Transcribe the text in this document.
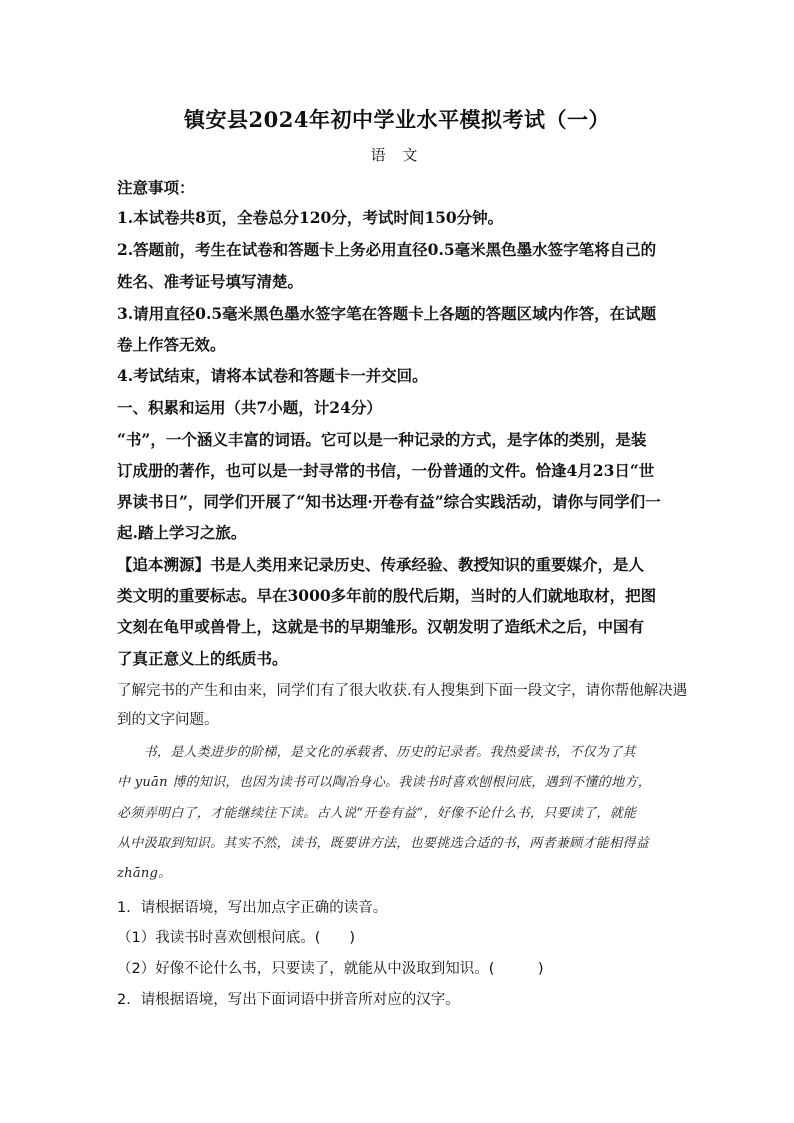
镇安县2024年初中学业水平模拟考试（一）
语 文
注意事项：
1.本试卷共8页，全卷总分120分，考试时间150分钟。
2.答题前，考生在试卷和答题卡上务必用直径0.5毫米黑色墨水签字笔将自己的
姓名、准考证号填写清楚。
3.请用直径0.5毫米黑色墨水签字笔在答题卡上各题的答题区域内作答，在试题
卷上作答无效。
4.考试结束，请将本试卷和答题卡一并交回。
一、积累和运用（共7小题，计24分）
“书”，一个涵义丰富的词语。它可以是一种记录的方式，是字体的类别，是装
订成册的著作，也可以是一封寻常的书信，一份普通的文件。恰逢4月23日“世
界读书日”，同学们开展了“知书达理·开卷有益”综合实践活动，请你与同学们一
起.踏上学习之旅。
【追本溯源】书是人类用来记录历史、传承经验、教授知识的重要媒介，是人
类文明的重要标志。早在3000多年前的殷代后期，当时的人们就地取材，把图
文刻在龟甲或兽骨上，这就是书的早期雏形。汉朝发明了造纸术之后，中国有
了真正意义上的纸质书。
了解完书的产生和由来，同学们有了很大收获.有人搜集到下面一段文字，请你帮他解决遇
到的文字问题。
　　书，是人类进步的阶梯，是文化的承载者、历史的记录者。我热爱读书，不仅为了其
中 yuān 博的知识，也因为读书可以陶冶身心。我读书时喜欢刨根问底，遇到不懂的地方，
必须弄明白了，才能继续往下读。古人说“开卷有益”，好像不论什么书，只要读了，就能
从中汲取到知识。其实不然，读书，既要讲方法，也要挑选合适的书，两者兼顾才能相得益
zhāng。
1．请根据语境，写出加点字正确的读音。
（1）我读书时喜欢刨根问底。(　　)
（2）好像不论什么书，只要读了，就能从中汲取到知识。(　　　)
2．请根据语境，写出下面词语中拼音所对应的汉字。
